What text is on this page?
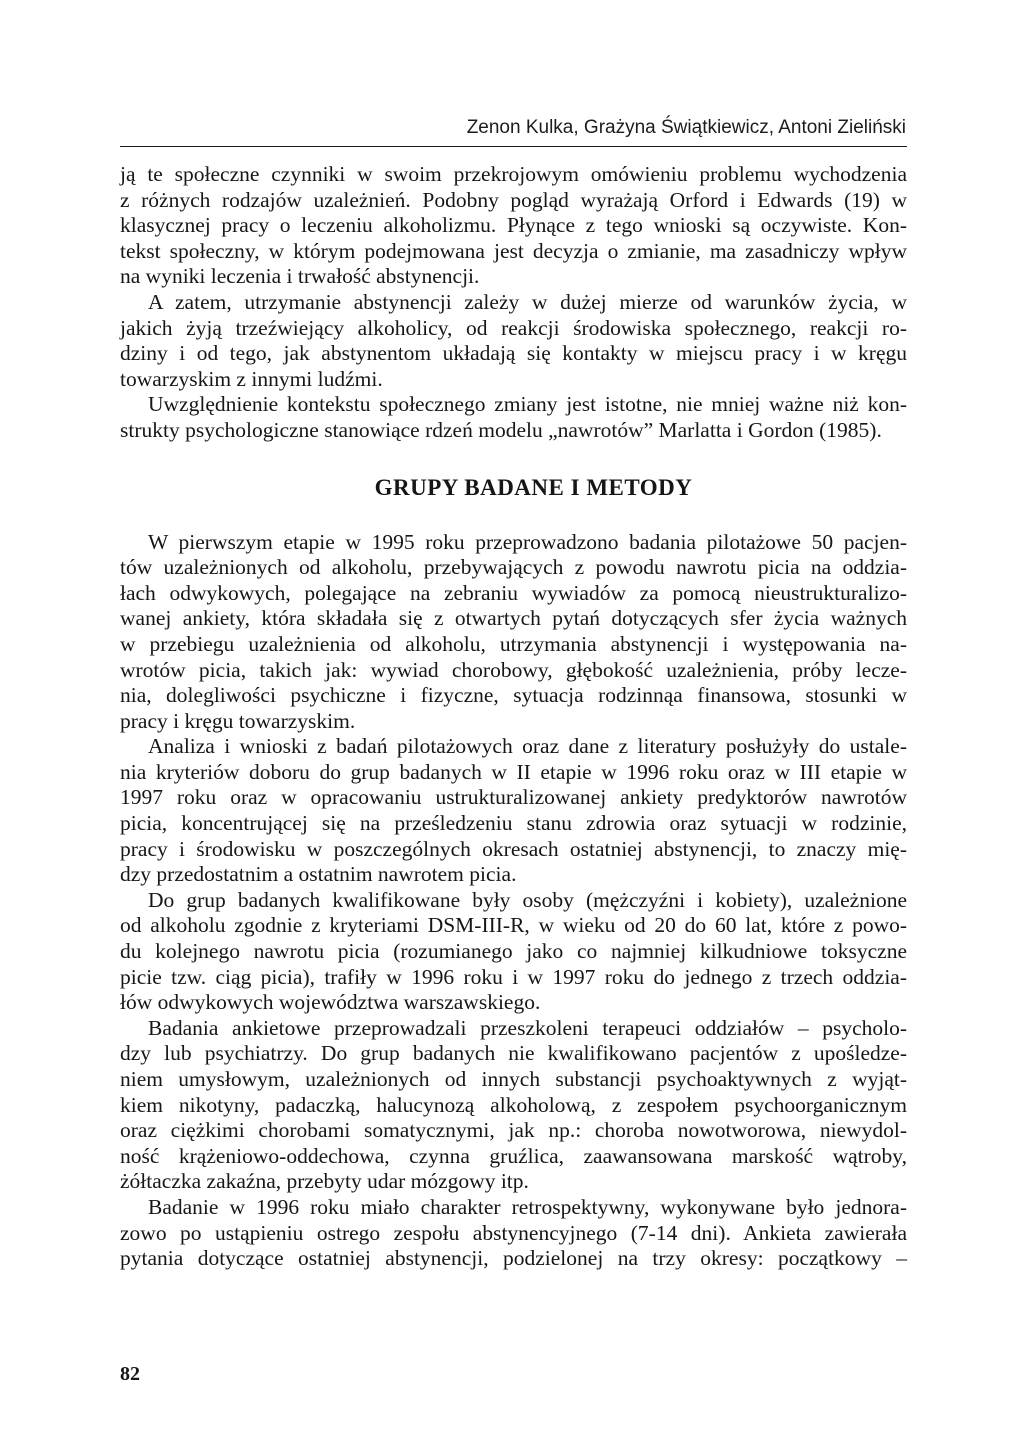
Zenon Kulka, Grażyna Świątkiewicz, Antoni Zieliński

ją te społeczne czynniki w swoim przekrojowym omówieniu problemu wychodzenia
z różnych rodzajów uzależnień. Podobny pogląd wyrażają Orford i Edwards (19) w
klasycznej pracy o leczeniu alkoholizmu. Płynące z tego wnioski są oczywiste. Kon-
tekst społeczny, w którym podejmowana jest decyzja o zmianie, ma zasadniczy wpływ
na wyniki leczenia i trwałość abstynencji.

A zatem, utrzymanie abstynencji zależy w dużej mierze od warunków życia, w
jakich żyją trzeźwiejący alkoholicy, od reakcji środowiska społecznego, reakcji ro-
dziny i od tego, jak abstynentom układają się kontakty w miejscu pracy i w kręgu
towarzyskim z innymi ludźmi.

Uwzględnienie kontekstu społecznego zmiany jest istotne, nie mniej ważne niż kon-
strukty psychologiczne stanowiące rdzeń modelu „nawrotów” Marlatta i Gordon (1985).

GRUPY BADANE I METODY

W pierwszym etapie w 1995 roku przeprowadzono badania pilotażowe 50 pacjen-
tów uzależnionych od alkoholu, przebywających z powodu nawrotu picia na oddzia-
łach odwykowych, polegające na zebraniu wywiadów za pomocą nieustrukturalizo-
wanej ankiety, która składała się z otwartych pytań dotyczących sfer życia ważnych
w przebiegu uzależnienia od alkoholu, utrzymania abstynencji i występowania na-
wrotów picia, takich jak: wywiad chorobowy, głębokość uzależnienia, próby lecze-
nia, dolegliwości psychiczne i fizyczne, sytuacja rodzinnąa finansowa, stosunki w
pracy i kręgu towarzyskim.

Analiza i wnioski z badań pilotażowych oraz dane z literatury posłużyły do ustale-
nia kryteriów doboru do grup badanych w II etapie w 1996 roku oraz w III etapie w
1997 roku oraz w opracowaniu ustrukturalizowanej ankiety predyktorów nawrotów
picia, koncentrującej się na prześledzeniu stanu zdrowia oraz sytuacji w rodzinie,
pracy i środowisku w poszczególnych okresach ostatniej abstynencji, to znaczy mię-
dzy przedostatnim a ostatnim nawrotem picia.

Do grup badanych kwalifikowane były osoby (mężczyźni i kobiety), uzależnione
od alkoholu zgodnie z kryteriami DSM-III-R, w wieku od 20 do 60 lat, które z powo-
du kolejnego nawrotu picia (rozumianego jako co najmniej kilkudniowe toksyczne
picie tzw. ciąg picia), trafiły w 1996 roku i w 1997 roku do jednego z trzech oddzia-
łów odwykowych województwa warszawskiego.

Badania ankietowe przeprowadzali przeszkoleni terapeuci oddziałów – psycholo-
dzy lub psychiatrzy. Do grup badanych nie kwalifikowano pacjentów z upośledze-
niem umysłowym, uzależnionych od innych substancji psychoaktywnych z wyjąt-
kiem nikotyny, padaczką, halucynozą alkoholową, z zespołem psychoorganicznym
oraz ciężkimi chorobami somatycznymi, jak np.: choroba nowotworowa, niewydol-
ność krążeniowo-oddechowa, czynna gruźlica, zaawansowana marskość wątroby,
żółtaczka zakaźna, przebyty udar mózgowy itp.

Badanie w 1996 roku miało charakter retrospektywny, wykonywane było jednora-
zowo po ustąpieniu ostrego zespołu abstynencyjnego (7-14 dni). Ankieta zawierała
pytania dotyczące ostatniej abstynencji, podzielonej na trzy okresy: początkowy –

82
